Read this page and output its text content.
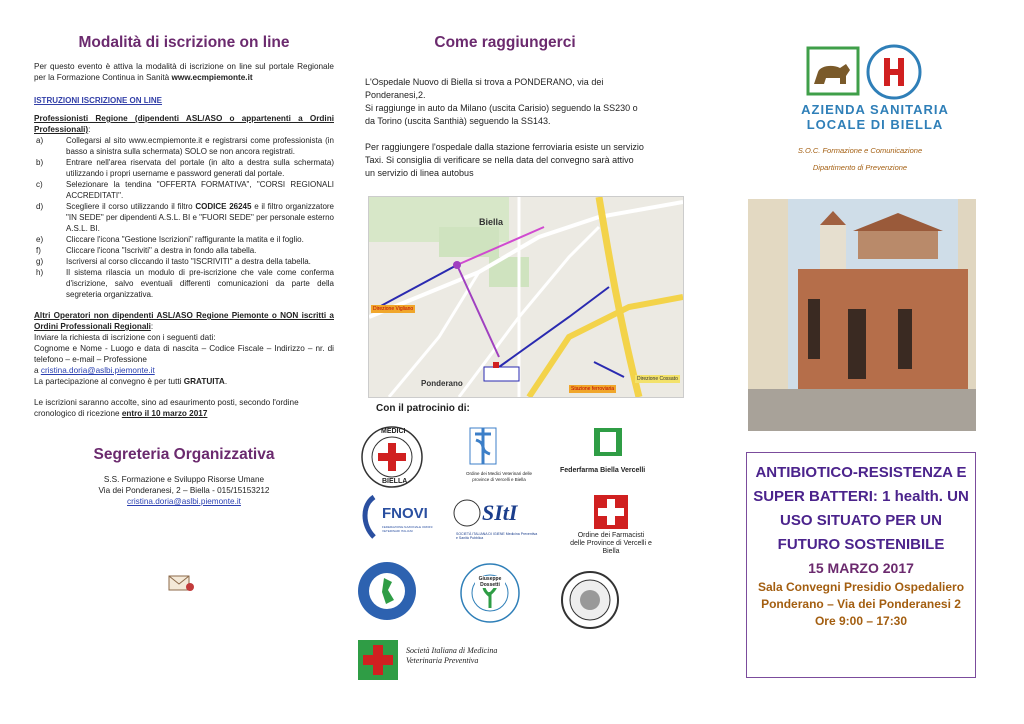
Modalità di iscrizione on line

Per questo evento è attiva la modalità di iscrizione on line sul portale Regionale per la Formazione Continua in Sanità www.ecmpiemonte.it

ISTRUZIONI ISCRIZIONE ON LINE

Professionisti Regione (dipendenti ASL/ASO o appartenenti a Ordini Professionali):

a)	Collegarsi al sito www.ecmpiemonte.it e registrarsi come professionista (in basso a sinistra sulla schermata) SOLO se non ancora registrati.
b)	Entrare nell'area riservata del portale (in alto a destra sulla schermata) utilizzando i propri username e password generati dal portale.
c)	Selezionare la tendina "OFFERTA FORMATIVA", "CORSI REGIONALI ACCREDITATI".
d)	Scegliere il corso utilizzando il filtro CODICE 26245 e il filtro organizzatore "IN SEDE" per dipendenti A.S.L. BI e "FUORI SEDE" per personale esterno A.S.L. BI.
e)	Cliccare l'icona "Gestione Iscrizioni" raffigurante la matita e il foglio.
f)	Cliccare l'icona "Iscriviti" a destra in fondo alla tabella.
g)	Iscriversi al corso cliccando il tasto "ISCRIVITI" a destra della tabella.
h)	Il sistema rilascia un modulo di pre-iscrizione che vale come conferma d'iscrizione, salvo eventuali differenti comunicazioni da parte della segreteria organizzativa.

Altri Operatori non dipendenti ASL/ASO Regione Piemonte o NON iscritti a Ordini Professionali Regionali:

Inviare la richiesta di iscrizione con i seguenti dati:

Cognome e Nome - Luogo e data di nascita – Codice Fiscale – Indirizzo – nr. di telefono – e-mail – Professione

a cristina.doria@aslbi.piemonte.it

La partecipazione al convegno è per tutti GRATUITA.

Le iscrizioni saranno accolte, sino ad esaurimento posti, secondo l'ordine cronologico di ricezione entro il 10 marzo 2017

Segreteria Organizzativa

S.S. Formazione e Sviluppo Risorse Umane

Via dei Ponderanesi, 2 – Biella - 015/15153212

cristina.doria@aslbi.piemonte.it

Come raggiungerci

L'Ospedale Nuovo di Biella si trova a PONDERANO, via dei Ponderanesi,2.

Si raggiunge in auto da Milano (uscita Carisio) seguendo la SS230 o da Torino (uscita Santhià) seguendo la SS143.

Per raggiungere l'ospedale dalla stazione ferroviaria esiste un servizio Taxi. Si consiglia di verificare se nella data del convegno sarà attivo un servizio di linea autobus

Biella
Ponderano
Direzione Vigliano
Stazione ferroviaria
Direzione Cossato

Con il patrocinio di:

MEDICI
BIELLA
Ordine dei Medici Veterinari delle province di Vercelli e Biella
Federfarma Biella Vercelli
FNOVI
FEDERAZIONE NAZIONALE ORDINI VETERINARI ITALIANI
SItI
SOCIETÀ ITALIANA DI IGIENE Medicina Preventiva e Sanità Pubblica	Ordine dei Farmacisti delle Province di Vercelli e Biella
Giuseppe Dossetti
Società Italiana di Medicina Veterinaria Preventiva
AZIENDA SANITARIA
LOCALE DI BIELLA
S.O.C. Formazione e Comunicazione
Dipartimento di Prevenzione
ANTIBIOTICO-RESISTENZA E SUPER BATTERI: 1 health. UN USO SITUATO PER UN FUTURO SOSTENIBILE
15 MARZO 2017
Sala Convegni Presidio Ospedaliero
Ponderano – Via dei Ponderanesi 2
Ore 9:00 – 17:30
